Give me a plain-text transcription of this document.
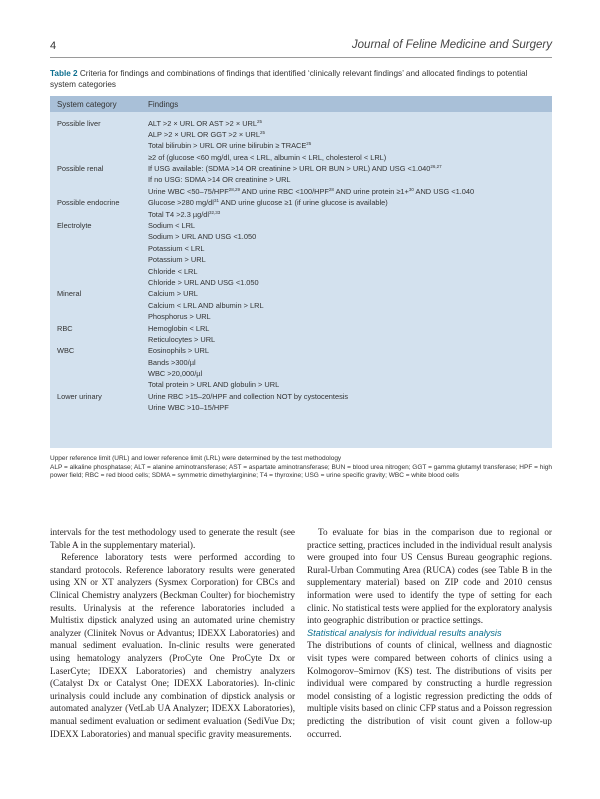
4	Journal of Feline Medicine and Surgery
Table 2 Criteria for findings and combinations of findings that identified ‘clinically relevant findings’ and allocated findings to potential system categories
System category	Findings
Possible liver	ALT >2 × URL OR AST $>2 \times URL^{25}$
ALP >2 × URL OR GGT $>2 \times URL^{25}$
Total bilirubin > URL OR urine bilirubin ≥ $TRACE^{25}$
≥2 of (glucose <60 mg/dl, urea < LRL, albumin < LRL, cholesterol < LRL)
Possible renal	If USG available: (SDMA >14 OR creatinine > URL OR BUN > URL) AND USG $<1.040^{26,27}$
If no USG: SDMA >14 OR creatinine > URL
Urine WBC <50–75/HPF$^{28,29}$ AND urine RBC $<100/HPF^{28}$ AND urine protein ≥1+$^{30}$ AND USG <1.040
Possible endocrine	Glucose >280 $mg/dl^{31}$ AND urine glucose ≥1 (if urine glucose is available)
Total T4 >2.3 µg/dl$^{32,33}$
Electrolyte	Sodium < LRL
Sodium > URL AND USG <1.050
Potassium < LRL
Potassium > URL
Chloride < LRL
Chloride > URL AND USG <1.050
Mineral	Calcium > URL
Calcium < LRL AND albumin > LRL
Phosphorus > URL
RBC	Hemoglobin < LRL
Reticulocytes > URL
WBC	Eosinophils > URL
Bands >300/µl
WBC >20,000/µl
Total protein > URL AND globulin > URL
Lower urinary	Urine RBC >15–20/HPF and collection NOT by cystocentesis
Urine WBC >10–15/HPF

Upper reference limit (URL) and lower reference limit (LRL) were determined by the test methodology

ALP = alkaline phosphatase; ALT = alanine aminotransferase; AST = aspartate aminotransferase; BUN = blood urea nitrogen; GGT = gamma glutamyl transferase; HPF = high power field; RBC = red blood cells; SDMA = symmetric dimethylarginine; T4 = thyroxine; USG = urine specific gravity; WBC = white blood cells

intervals for the test methodology used to generate the result (see Table A in the supplementary material).

Reference laboratory tests were performed according to standard protocols. Reference laboratory results were generated using XN or XT analyzers (Sysmex Corporation) for CBCs and Clinical Chemistry analyzers (Beckman Coulter) for biochemistry results. Urinalysis at the reference laboratories included a Multistix dipstick analyzed using an automated urine chemistry analyzer (Clinitek Novus or Advantus; IDEXX Laboratories) and manual sediment evaluation. In-clinic results were generated using hematology analyzers (ProCyte One ProCyte Dx or LaserCyte; IDEXX Laboratories) and chemistry analyzers (Catalyst Dx or Catalyst One; IDEXX Laboratories). In-clinic urinalysis could include any combination of dipstick analysis or automated analyzer (VetLab UA Analyzer; IDEXX Laboratories), manual sediment evaluation or sediment evaluation (SediVue Dx; IDEXX Laboratories) and manual specific gravity measurements.

To evaluate for bias in the comparison due to regional or practice setting, practices included in the individual result analysis were grouped into four US Census Bureau geographic regions. Rural-Urban Commuting Area (RUCA) codes (see Table B in the supplementary material) based on ZIP code and 2010 census information were used to identify the type of setting for each clinic. No statistical tests were applied for the exploratory analysis into geographic distribution or practice settings.

Statistical analysis for individual results analysis

The distributions of counts of clinical, wellness and diagnostic visit types were compared between cohorts of clinics using a Kolmogorov–Smirnov (KS) test. The distributions of visits per individual were compared by constructing a hurdle regression model consisting of a logistic regression predicting the odds of multiple visits based on clinic CFP status and a Poisson regression predicting the distribution of visit count given a follow-up occurred.
